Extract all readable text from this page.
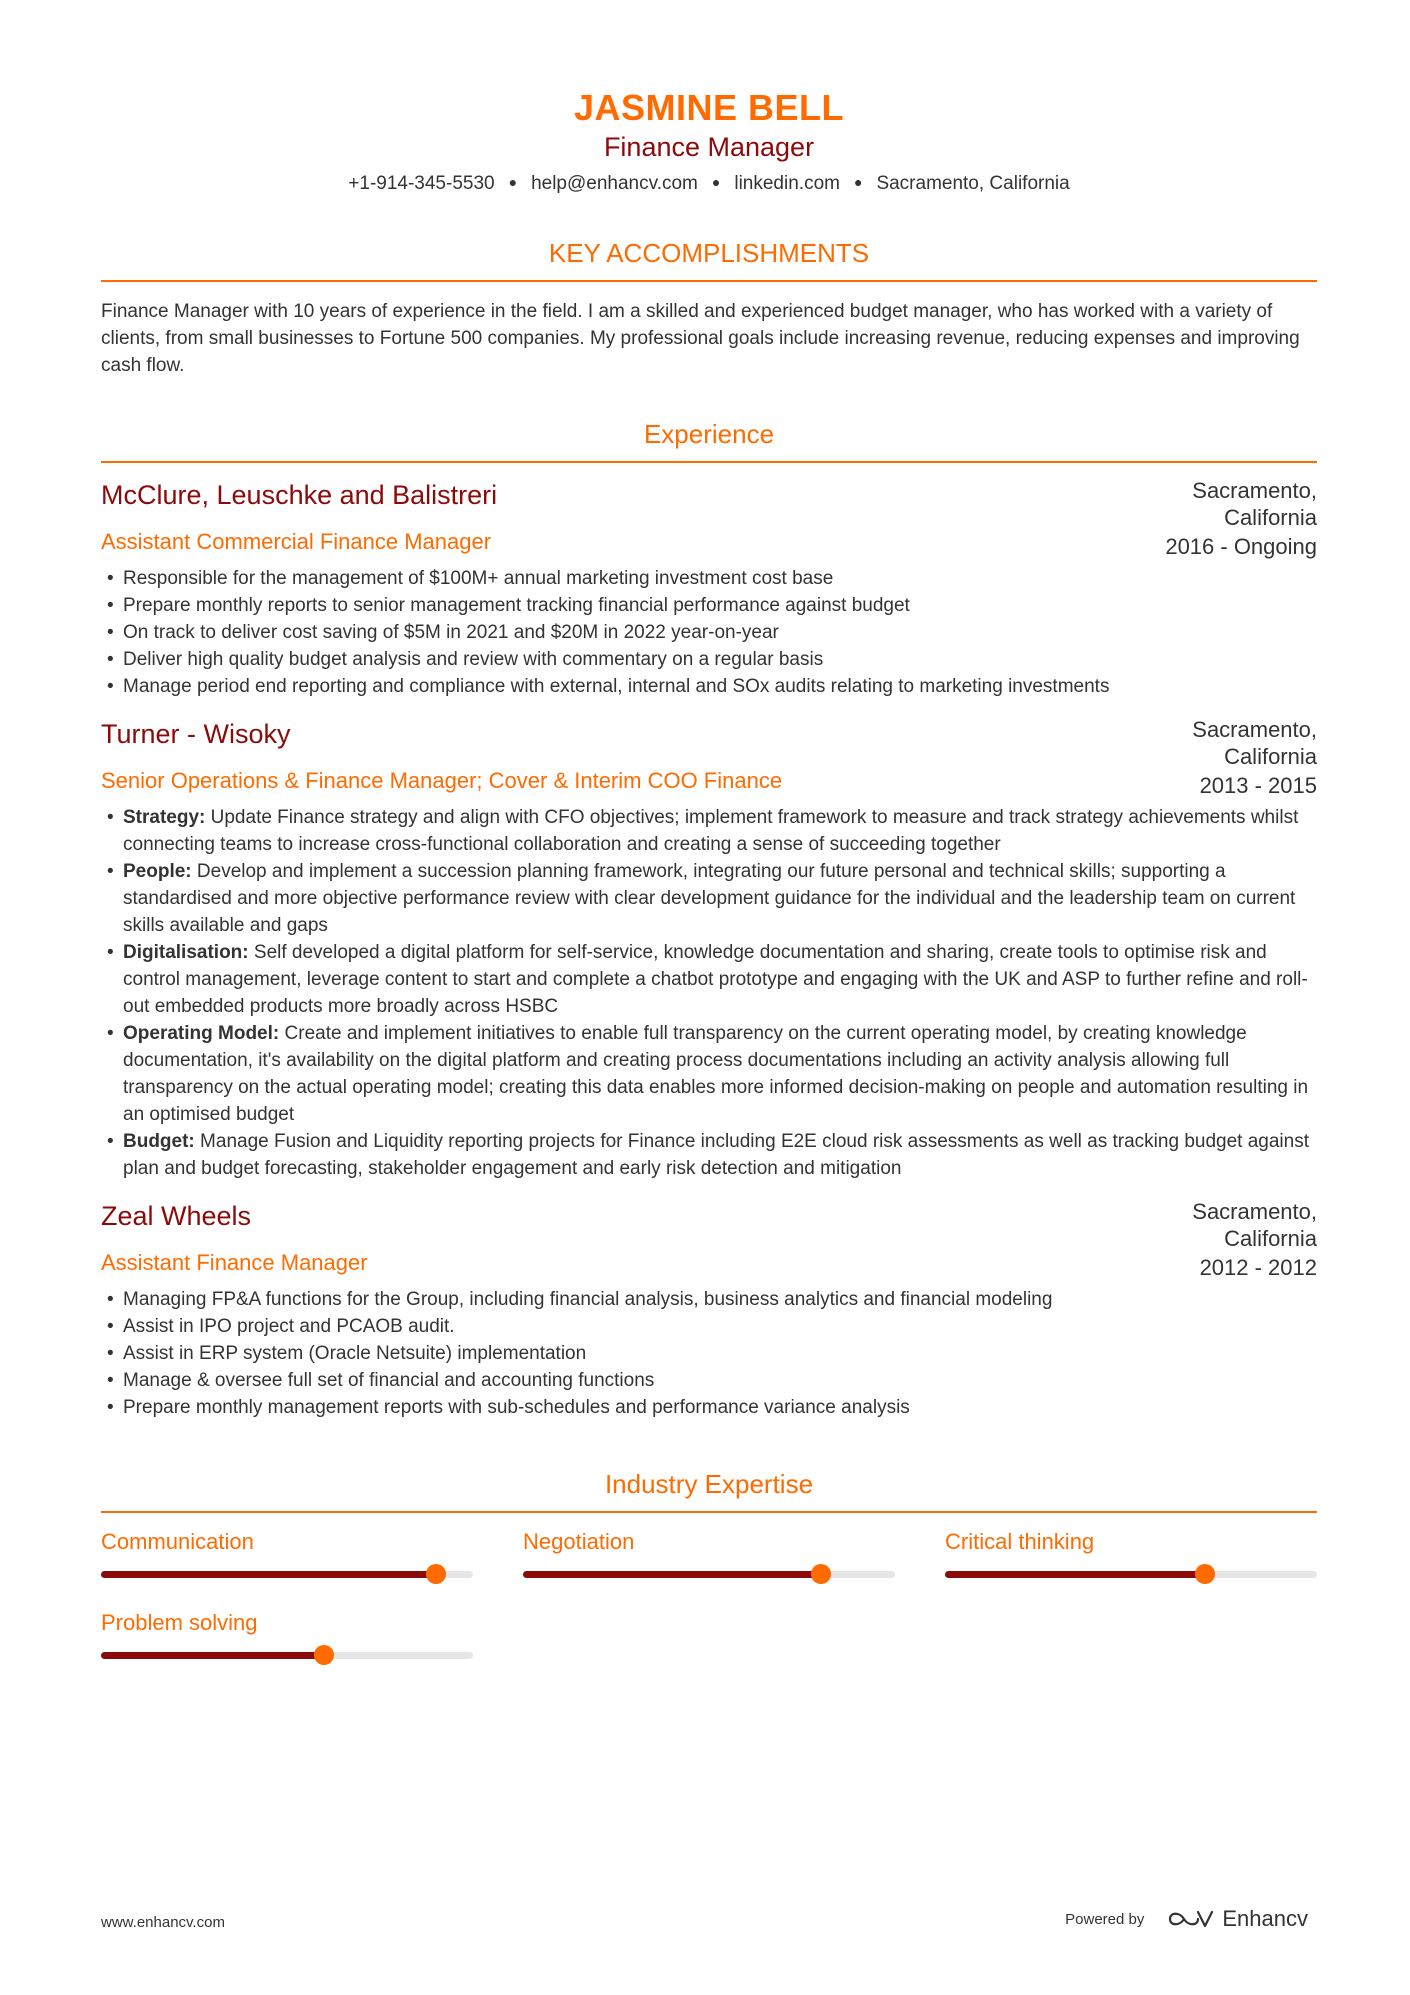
JASMINE BELL
Finance Manager
+1-914-345-5530 ● help@enhancv.com ● linkedin.com ● Sacramento, California
KEY ACCOMPLISHMENTS
Finance Manager with 10 years of experience in the field. I am a skilled and experienced budget manager, who has worked with a variety of clients, from small businesses to Fortune 500 companies. My professional goals include increasing revenue, reducing expenses and improving cash flow.
Experience
McClure, Leuschke and Balistreri	Sacramento,
California
2016 - Ongoing
Assistant Commercial Finance Manager
• Responsible for the management of $100M+ annual marketing investment cost base
• Prepare monthly reports to senior management tracking financial performance against budget
• On track to deliver cost saving of $5M in 2021 and $20M in 2022 year-on-year
• Deliver high quality budget analysis and review with commentary on a regular basis
• Manage period end reporting and compliance with external, internal and SOx audits relating to marketing investments
Turner - Wisoky	Sacramento,
California
2013 - 2015
Senior Operations & Finance Manager; Cover & Interim COO Finance
• Strategy: Update Finance strategy and align with CFO objectives; implement framework to measure and track strategy achievements whilst connecting teams to increase cross-functional collaboration and creating a sense of succeeding together
• People: Develop and implement a succession planning framework, integrating our future personal and technical skills; supporting a standardised and more objective performance review with clear development guidance for the individual and the leadership team on current skills available and gaps
• Digitalisation: Self developed a digital platform for self-service, knowledge documentation and sharing, create tools to optimise risk and control management, leverage content to start and complete a chatbot prototype and engaging with the UK and ASP to further refine and roll-out embedded products more broadly across HSBC
• Operating Model: Create and implement initiatives to enable full transparency on the current operating model, by creating knowledge documentation, it's availability on the digital platform and creating process documentations including an activity analysis allowing full transparency on the actual operating model; creating this data enables more informed decision-making on people and automation resulting in an optimised budget
• Budget: Manage Fusion and Liquidity reporting projects for Finance including E2E cloud risk assessments as well as tracking budget against plan and budget forecasting, stakeholder engagement and early risk detection and mitigation
Zeal Wheels	Sacramento,
California
2012 - 2012
Assistant Finance Manager
• Managing FP&A functions for the Group, including financial analysis, business analytics and financial modeling
• Assist in IPO project and PCAOB audit.
• Assist in ERP system (Oracle Netsuite) implementation
• Manage & oversee full set of financial and accounting functions
• Prepare monthly management reports with sub-schedules and performance variance analysis
Industry Expertise
Communication	Negotiation	Critical thinking
Problem solving
www.enhancv.com	Powered by	Enhancv
